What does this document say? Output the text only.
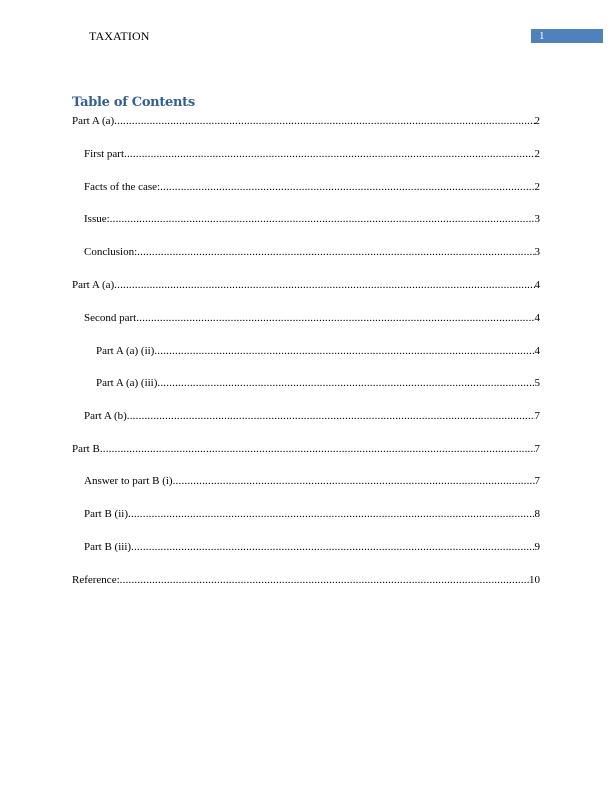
TAXATION	1
Table of Contents
Part A (a) .....	2
First part .....	2
Facts of the case: .....	2
Issue: .....	3
Conclusion: .....	3
Part A (a) .....	4
Second part .....	4
Part A (a) (ii) .....	4
Part A (a) (iii) .....	5
Part A (b) .....	7
Part B .....	7
Answer to part B (i) .....	7
Part B (ii) .....	8
Part B (iii) .....	9
Reference: .....	10
